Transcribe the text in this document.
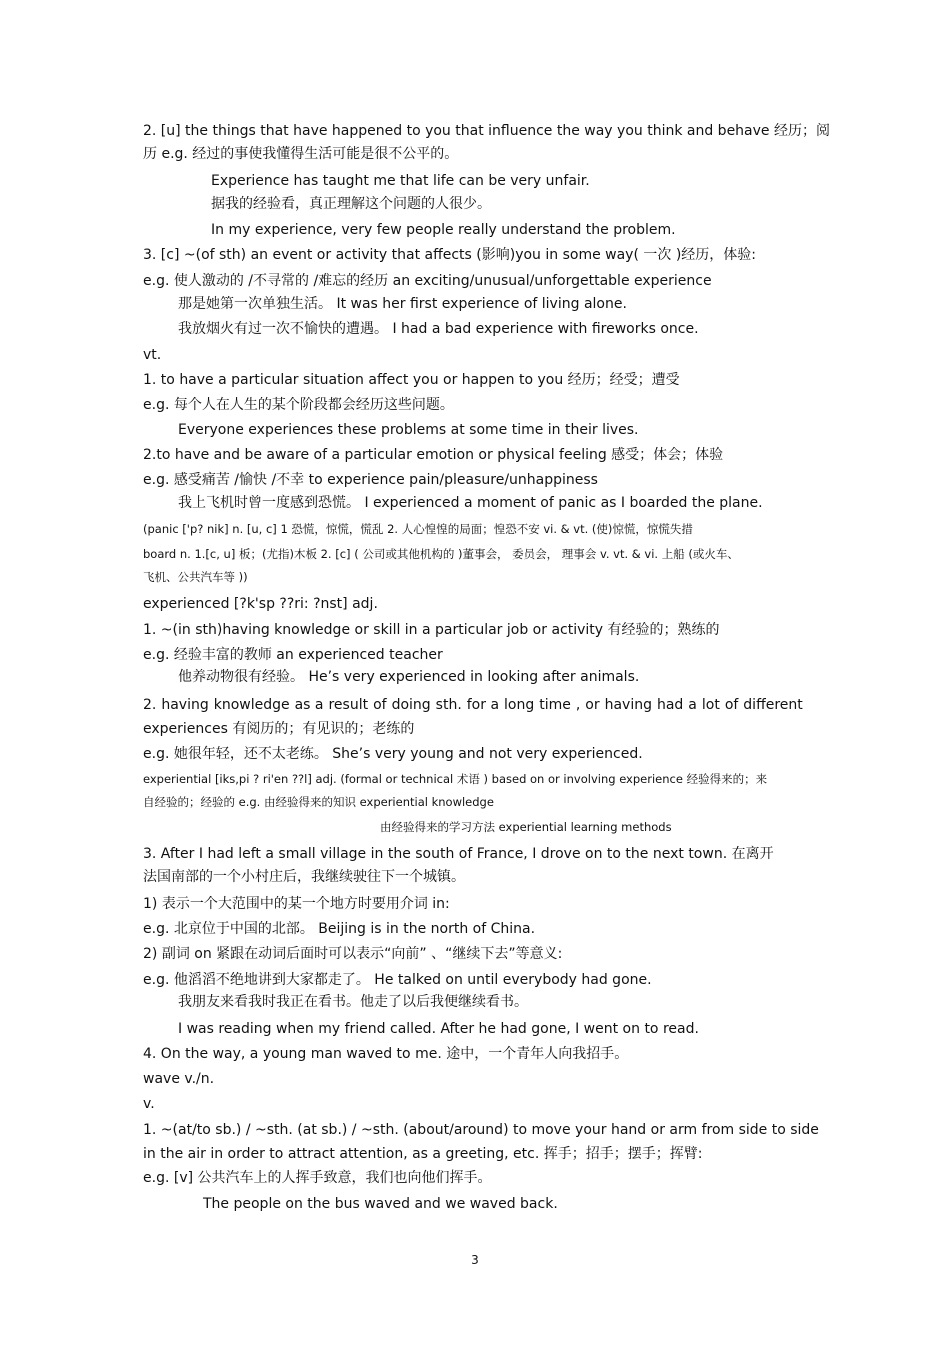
2. [u] the things that have happened to you that influence the way you think and behave 经历；阅
历 e.g. 经过的事使我懂得生活可能是很不公平的。
Experience has taught me that life can be very unfair.
据我的经验看，真正理解这个问题的人很少。
In my experience, very few people really understand the problem.
3. [c] ~(of sth) an event or activity that affects (影响)you in some way( 一次 )经历，体验:
e.g. 使人激动的 /不寻常的 /难忘的经历 an exciting/unusual/unforgettable experience
那是她第一次单独生活。 It was her first experience of living alone.
我放烟火有过一次不愉快的遭遇。 I had a bad experience with fireworks once.
vt.
1. to have a particular situation affect you or happen to you 经历；经受；遭受
e.g. 每个人在人生的某个阶段都会经历这些问题。
Everyone experiences these problems at some time in their lives.
2.to have and be aware of a particular emotion or physical feeling 感受；体会；体验
e.g. 感受痛苦 /愉快 /不幸 to experience pain/pleasure/unhappiness
我上飞机时曾一度感到恐慌。 I experienced a moment of panic as I boarded the plane.
(panic ['p? nik] n. [u, c] 1 恐慌，惊慌，慌乱 2. 人心惶惶的局面；惶恐不安 vi. & vt. (使)惊慌，惊慌失措
board n. 1.[c, u] 板；(尤指)木板 2. [c] ( 公司或其他机构的 )董事会， 委员会， 理事会 v. vt. & vi. 上船 (或火车、
飞机、公共汽车等 ))
experienced [?k'sp ??ri: ?nst] adj.
1. ~(in sth)having knowledge or skill in a particular job or activity 有经验的；熟练的
e.g. 经验丰富的教师 an experienced teacher
他养动物很有经验。 He’s very experienced in looking after animals.
2. having knowledge as a result of doing sth. for a long time , or having had a lot of different
experiences 有阅历的；有见识的；老练的
e.g. 她很年轻，还不太老练。 She’s very young and not very experienced.
experiential [iks,pi ? ri'en ??l] adj. (formal or technical 术语 ) based on or involving experience 经验得来的；来
自经验的；经验的 e.g. 由经验得来的知识 experiential knowledge
由经验得来的学习方法 experiential learning methods
3. After I had left a small village in the south of France, I drove on to the next town. 在离开
法国南部的一个小村庄后，我继续驶往下一个城镇。
1) 表示一个大范围中的某一个地方时要用介词 in:
e.g. 北京位于中国的北部。 Beijing is in the north of China.
2) 副词 on 紧跟在动词后面时可以表示“向前” 、“继续下去”等意义:
e.g. 他滔滔不绝地讲到大家都走了。 He talked on until everybody had gone.
我朋友来看我时我正在看书。他走了以后我便继续看书。
I was reading when my friend called. After he had gone, I went on to read.
4. On the way, a young man waved to me. 途中，一个青年人向我招手。
wave v./n.
v.
1. ~(at/to sb.) / ~sth. (at sb.) / ~sth. (about/around) to move your hand or arm from side to side
in the air in order to attract attention, as a greeting, etc. 挥手；招手；摆手；挥臂:
e.g. [v] 公共汽车上的人挥手致意，我们也向他们挥手。
The people on the bus waved and we waved back.
3
